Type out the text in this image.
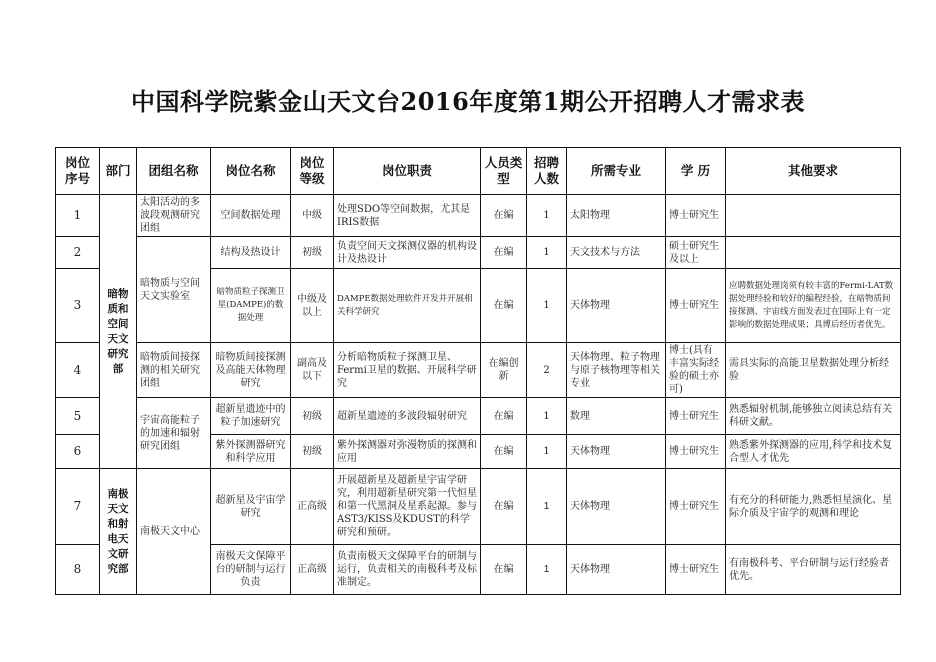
中国科学院紫金山天文台2016年度第1期公开招聘人才需求表
岗位序号	部门	团组名称	岗位名称	岗位等级	岗位职责	人员类型	招聘人数	所需专业	学 历	其他要求
1	暗物质和空间天文研究部	太阳活动的多波段观测研究团组	空间数据处理	中级	处理SDO等空间数据，尤其是IRIS数据	在编	1	太阳物理	博士研究生	
2		暗物质与空间天文实验室	结构及热设计	初级	负责空间天文探测仪器的机构设计及热设计	在编	1	天文技术与方法	硕士研究生及以上	
3			暗物质粒子探测卫星(DAMPE)的数据处理	中级及以上	DAMPE数据处理软件开发并开展相关科学研究	在编	1	天体物理	博士研究生	应聘数据处理岗须有较丰富的Fermi-LAT数据处理经验和较好的编程经验，在暗物质间接探测、宇宙线方面发表过在国际上有一定影响的数据处理成果；具博后经历者优先。
4		暗物质间接探测的相关研究团组	暗物质间接探测及高能天体物理研究	副高及以下	分析暗物质粒子探测卫星、Fermi卫星的数据、开展科学研究	在编创新	2	天体物理、粒子物理与原子核物理等相关专业	博士(具有丰富实际经验的硕士亦可)	需具实际的高能卫星数据处理分析经验
5		宇宙高能粒子的加速和辐射研究团组	超新星遗迹中的粒子加速研究	初级	超新星遗迹的多波段辐射研究	在编	1	数理	博士研究生	熟悉辐射机制,能够独立阅读总结有关科研文献。
6			紫外探测器研究和科学应用	初级	紫外探测器对弥漫物质的探测和应用	在编	1	天体物理	博士研究生	熟悉紫外探测器的应用,科学和技术复合型人才优先
7	南极天文和射电天文研究部	南极天文中心	超新星及宇宙学研究	正高级	开展超新星及超新星宇宙学研究，利用超新星研究第一代恒星和第一代黑洞及星系起源。参与AST3/KISS及KDUST的科学研究和预研。	在编	1	天体物理	博士研究生	有充分的科研能力,熟悉恒星演化、星际介质及宇宙学的观测和理论
8			南极天文保障平台的研制与运行负责	正高级	负责南极天文保障平台的研制与运行，负责相关的南极科考及标准制定。	在编	1	天体物理	博士研究生	有南极科考、平台研制与运行经验者优先。
